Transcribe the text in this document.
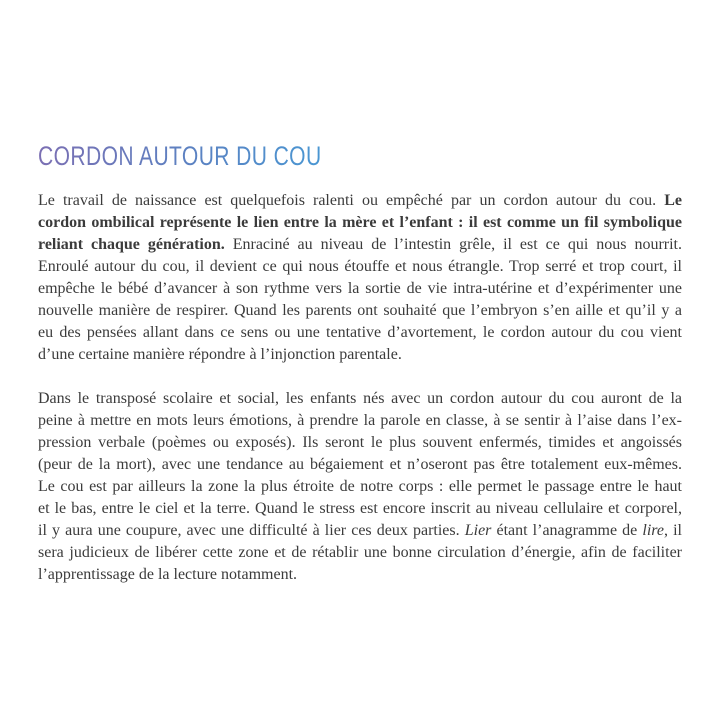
CORDON AUTOUR DU COU
Le travail de naissance est quelquefois ralenti ou empêché par un cordon autour du cou. Le
cordon ombilical représente le lien entre la mère et l’enfant : il est comme un fil symbolique
reliant chaque génération. Enraciné au niveau de l’intestin grêle, il est ce qui nous nourrit.
Enroulé autour du cou, il devient ce qui nous étouffe et nous étrangle. Trop serré et trop court, il
empêche le bébé d’avancer à son rythme vers la sortie de vie intra-utérine et d’expérimenter une
nouvelle manière de respirer. Quand les parents ont souhaité que l’embryon s’en aille et qu’il y a
eu des pensées allant dans ce sens ou une tentative d’avortement, le cordon autour du cou vient
d’une certaine manière répondre à l’injonction parentale.
Dans le transposé scolaire et social, les enfants nés avec un cordon autour du cou auront de la
peine à mettre en mots leurs émotions, à prendre la parole en classe, à se sentir à l’aise dans l’ex-
pression verbale (poèmes ou exposés). Ils seront le plus souvent enfermés, timides et angoissés
(peur de la mort), avec une tendance au bégaiement et n’oseront pas être totalement eux-mêmes.
Le cou est par ailleurs la zone la plus étroite de notre corps : elle permet le passage entre le haut
et le bas, entre le ciel et la terre. Quand le stress est encore inscrit au niveau cellulaire et corporel,
il y aura une coupure, avec une difficulté à lier ces deux parties. Lier étant l’anagramme de lire, il
sera judicieux de libérer cette zone et de rétablir une bonne circulation d’énergie, afin de faciliter
l’apprentissage de la lecture notamment.
